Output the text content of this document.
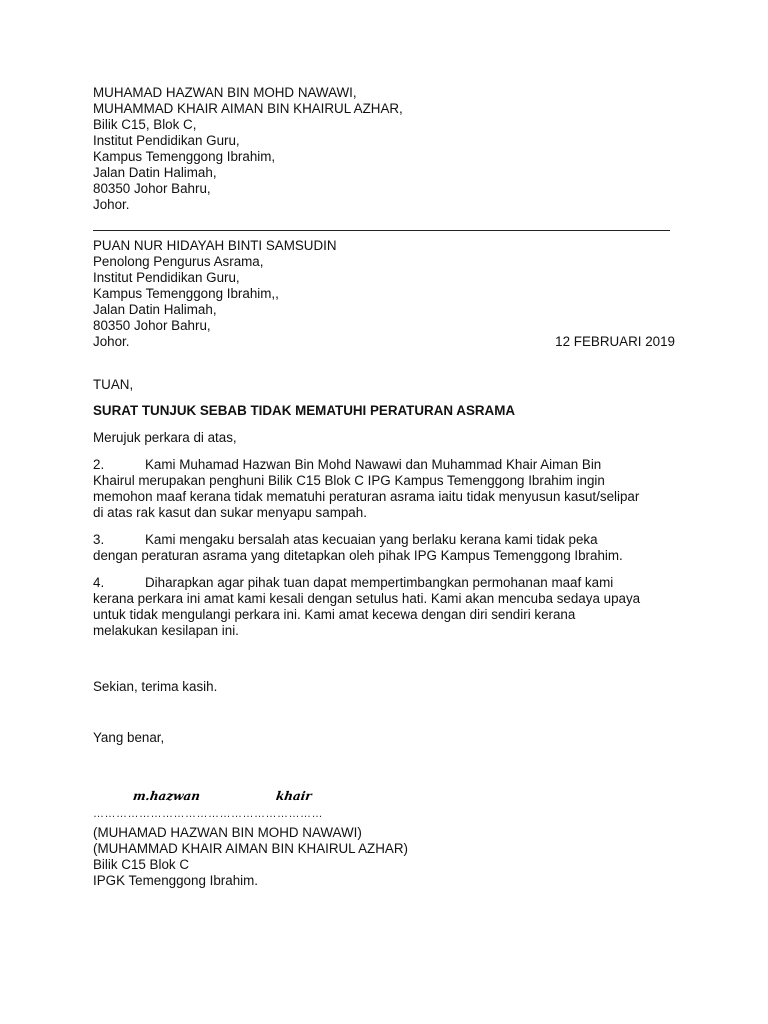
MUHAMAD HAZWAN BIN MOHD NAWAWI,
MUHAMMAD KHAIR AIMAN BIN KHAIRUL AZHAR,
Bilik C15, Blok C,
Institut Pendidikan Guru,
Kampus Temenggong Ibrahim,
Jalan Datin Halimah,
80350 Johor Bahru,
Johor.
PUAN NUR HIDAYAH BINTI SAMSUDIN
Penolong Pengurus Asrama,
Institut Pendidikan Guru,
Kampus Temenggong Ibrahim,,
Jalan Datin Halimah,
80350 Johor Bahru,
Johor.	12 FEBRUARI 2019
TUAN,
SURAT TUNJUK SEBAB TIDAK MEMATUHI PERATURAN ASRAMA
Merujuk perkara di atas,
2.	Kami Muhamad Hazwan Bin Mohd Nawawi dan Muhammad Khair Aiman Bin
Khairul merupakan penghuni Bilik C15 Blok C IPG Kampus Temenggong Ibrahim ingin
memohon maaf kerana tidak mematuhi peraturan asrama iaitu tidak menyusun kasut/selipar
di atas rak kasut dan sukar menyapu sampah.
3.	Kami mengaku bersalah atas kecuaian yang berlaku kerana kami tidak peka
dengan peraturan asrama yang ditetapkan oleh pihak IPG Kampus Temenggong Ibrahim.
4.	Diharapkan agar pihak tuan dapat mempertimbangkan permohanan maaf kami
kerana perkara ini amat kami kesali dengan setulus hati. Kami akan mencuba sedaya upaya
untuk tidak mengulangi perkara ini. Kami amat kecewa dengan diri sendiri kerana
melakukan kesilapan ini.
Sekian, terima kasih.
Yang benar,
m.hazwan	khair
……………………………………………………
(MUHAMAD HAZWAN BIN MOHD NAWAWI)
(MUHAMMAD KHAIR AIMAN BIN KHAIRUL AZHAR)
Bilik C15 Blok C
IPGK Temenggong Ibrahim.
